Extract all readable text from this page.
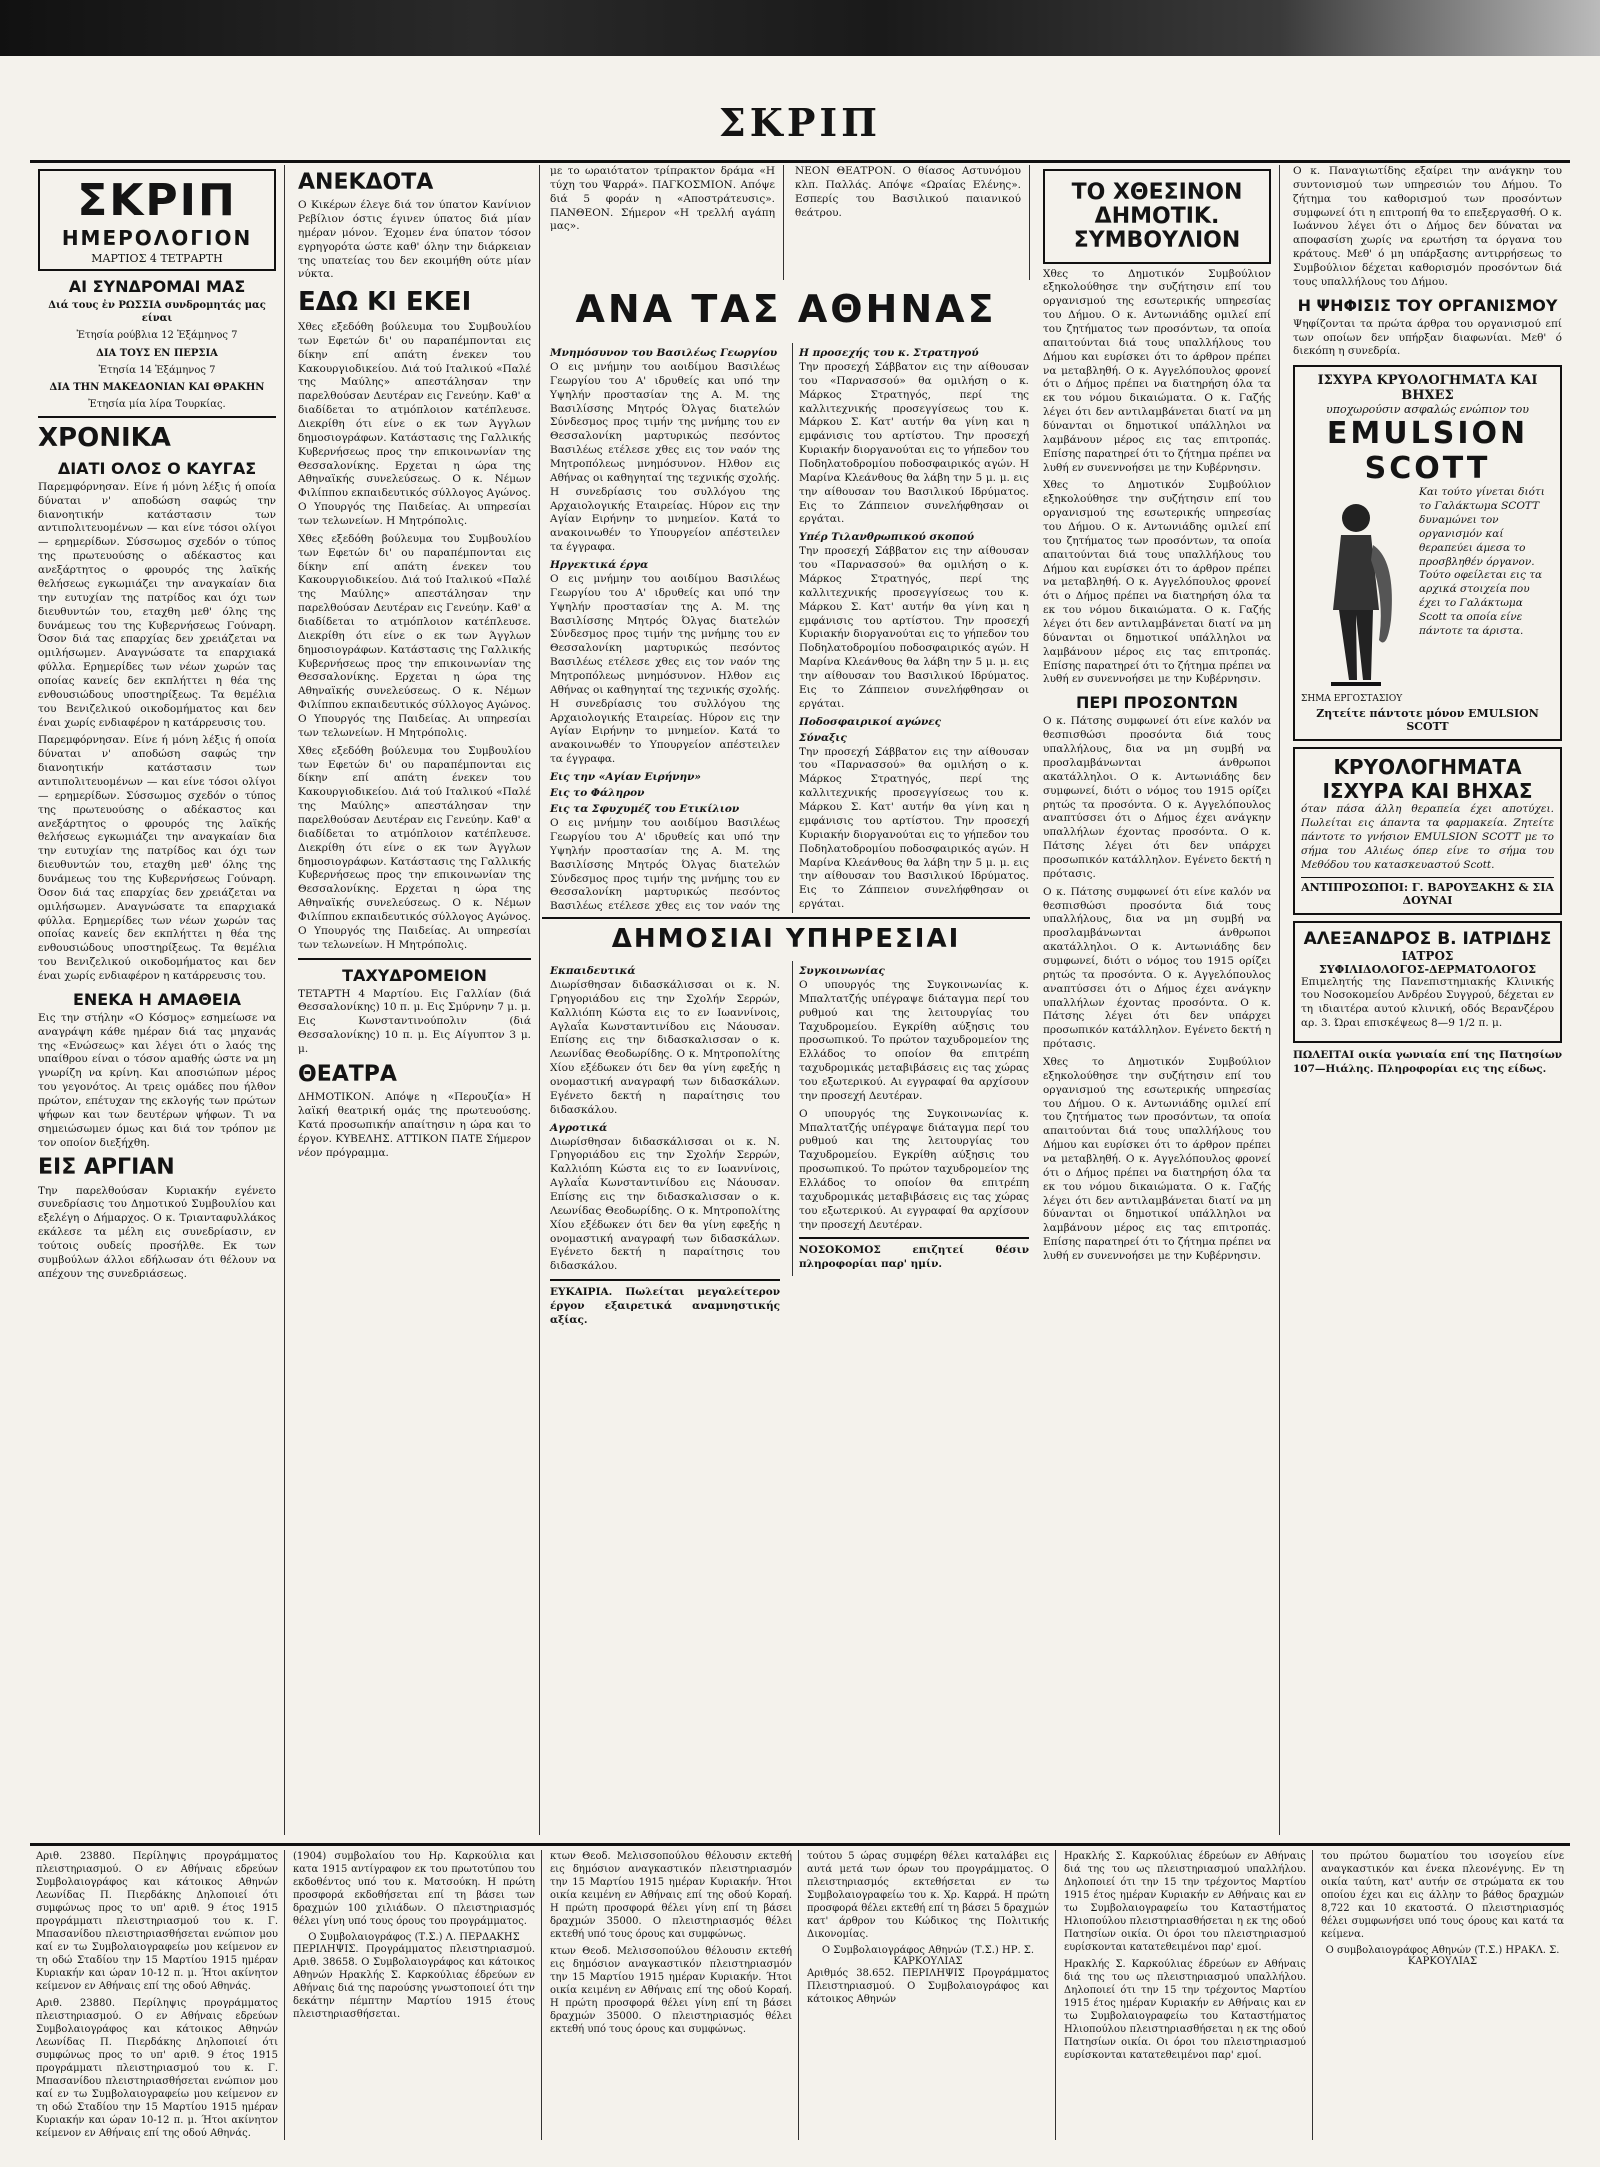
ΣΚΡΙΠ
ΣΚΡΙΠ
ΗΜΕΡΟΛΟΓΙΟΝ
ΜΑΡΤΙΟΣ 4 ΤΕΤΡΑΡΤΗ
ΑΙ ΣΥΝΔΡΟΜΑΙ ΜΑΣ

Διά τους ἐν ΡΩΣΣΙΑ συνδρομητάς μας είναι

Ἐτησία ρούβλια 12 Ἑξάμηνος 7

ΔΙΑ ΤΟΥΣ ΕΝ ΠΕΡΣΙΑ

Ἐτησία 14 Ἑξάμηνος 7

ΔΙΑ ΤΗΝ ΜΑΚΕΔΟΝΙΑΝ ΚΑΙ ΘΡΑΚΗΝ

Ἐτησία μία λίρα Τουρκίας.

ΧΡΟΝΙΚΑ
ΔΙΑΤΙ ΟΛΟΣ Ο ΚΑΥΓΑΣ

Παρεμφόρνησαν. Είνε ή μόνη λέξις ή οποία δύναται ν' αποδώση σαφώς την διανοητικήν κατάστασιν των αντιπολιτευομένων — και είνε τόσοι ολίγοι — ερημερίδων. Σύσσωμος σχεδόν ο τύπος της πρωτευούσης ο αδέκαστος και ανεξάρτητος ο φρουρός της λαϊκής θελήσεως εγκωμιάζει την αναγκαίαν δια την ευτυχίαν της πατρίδος και όχι των διευθυντών του, εταχθη μεθ' όλης της δυνάμεως του της Κυβερνήσεως Γούναρη. Όσον διά τας επαρχίας δεν χρειάζεται να ομιλήσωμεν. Αναγνώσατε τα επαρχιακά φύλλα. Ερημερίδες των νέων χωρών τας οποίας κανείς δεν εκπλήττει η θέα της ενθουσιώδους υποστηρίξεως. Τα θεμέλια του Βενιζελικού οικοδομήματος και δεν έναι χωρίς ενδιαφέρον η κατάρρευσις του.

Παρεμφόρνησαν. Είνε ή μόνη λέξις ή οποία δύναται ν' αποδώση σαφώς την διανοητικήν κατάστασιν των αντιπολιτευομένων — και είνε τόσοι ολίγοι — ερημερίδων. Σύσσωμος σχεδόν ο τύπος της πρωτευούσης ο αδέκαστος και ανεξάρτητος ο φρουρός της λαϊκής θελήσεως εγκωμιάζει την αναγκαίαν δια την ευτυχίαν της πατρίδος και όχι των διευθυντών του, εταχθη μεθ' όλης της δυνάμεως του της Κυβερνήσεως Γούναρη. Όσον διά τας επαρχίας δεν χρειάζεται να ομιλήσωμεν. Αναγνώσατε τα επαρχιακά φύλλα. Ερημερίδες των νέων χωρών τας οποίας κανείς δεν εκπλήττει η θέα της ενθουσιώδους υποστηρίξεως. Τα θεμέλια του Βενιζελικού οικοδομήματος και δεν έναι χωρίς ενδιαφέρον η κατάρρευσις του.

ΕΝΕΚΑ Η ΑΜΑΘΕΙΑ

Εις την στήλην «Ο Κόσμος» εσημείωσε να αναγράψη κάθε ημέραν διά τας μηχανάς της «Ενώσεως» και λέγει ότι ο λαός της υπαίθρου είναι ο τόσον αμαθής ώστε να μη γνωρίζη να κρίνη. Και αποσιώπων μέρος του γεγονότος. Αι τρεις ομάδες που ήλθον πρώτον, επέτυχαν της εκλογής των πρώτων ψήφων και των δευτέρων ψήφων. Τι να σημειώσωμεν όμως και διά τον τρόπον με τον οποίον διεξήχθη.

ΕΙΣ ΑΡΓΙΑΝ

Την παρελθούσαν Κυριακήν εγένετο συνεδρίασις του Δημοτικού Συμβουλίου και εξελέγη ο Δήμαρχος. Ο κ. Τριανταφυλλάκος εκάλεσε τα μέλη εις συνεδρίασιν, εν τούτοις ουδείς προσήλθε. Εκ των συμβούλων άλλοι εδήλωσαν ότι θέλουν να απέχουν της συνεδριάσεως.

ΑΝΕΚΔΟΤΑ

Ο Κικέρων έλεγε διά τον ύπατον Κανίνιον Ρεβίλιον όστις έγινεν ύπατος διά μίαν ημέραν μόνον. Έχομεν ένα ύπατον τόσον εγρηγορότα ώστε καθ' όλην την διάρκειαν της υπατείας του δεν εκοιμήθη ούτε μίαν νύκτα.

ΕΔΩ ΚΙ ΕΚΕΙ

Χθες εξεδόθη βούλευμα του Συμβουλίου των Εφετών δι' ου παραπέμπονται εις δίκην επί απάτη ένεκεν του Κακουργιοδικείου. Διά τού Ιταλικού «Παλέ της Μαύλης» απεστάλησαν την παρελθούσαν Δευτέραν εις Γενεύην. Καθ' α διαδίδεται το ατμόπλοιον κατέπλευσε. Διεκρίθη ότι είνε ο εκ των Άγγλων δημοσιογράφων. Κατάστασις της Γαλλικής Κυβερνήσεως προς την επικοινωνίαν της Θεσσαλονίκης. Ερχεται η ώρα της Αθηναϊκής συνελεύσεως. Ο κ. Νέμων Φιλίππου εκπαιδευτικός σύλλογος Αγώνος. Ο Υπουργός της Παιδείας. Αι υπηρεσίαι των τελωνείων. Η Μητρόπολις.

Χθες εξεδόθη βούλευμα του Συμβουλίου των Εφετών δι' ου παραπέμπονται εις δίκην επί απάτη ένεκεν του Κακουργιοδικείου. Διά τού Ιταλικού «Παλέ της Μαύλης» απεστάλησαν την παρελθούσαν Δευτέραν εις Γενεύην. Καθ' α διαδίδεται το ατμόπλοιον κατέπλευσε. Διεκρίθη ότι είνε ο εκ των Άγγλων δημοσιογράφων. Κατάστασις της Γαλλικής Κυβερνήσεως προς την επικοινωνίαν της Θεσσαλονίκης. Ερχεται η ώρα της Αθηναϊκής συνελεύσεως. Ο κ. Νέμων Φιλίππου εκπαιδευτικός σύλλογος Αγώνος. Ο Υπουργός της Παιδείας. Αι υπηρεσίαι των τελωνείων. Η Μητρόπολις.

Χθες εξεδόθη βούλευμα του Συμβουλίου των Εφετών δι' ου παραπέμπονται εις δίκην επί απάτη ένεκεν του Κακουργιοδικείου. Διά τού Ιταλικού «Παλέ της Μαύλης» απεστάλησαν την παρελθούσαν Δευτέραν εις Γενεύην. Καθ' α διαδίδεται το ατμόπλοιον κατέπλευσε. Διεκρίθη ότι είνε ο εκ των Άγγλων δημοσιογράφων. Κατάστασις της Γαλλικής Κυβερνήσεως προς την επικοινωνίαν της Θεσσαλονίκης. Ερχεται η ώρα της Αθηναϊκής συνελεύσεως. Ο κ. Νέμων Φιλίππου εκπαιδευτικός σύλλογος Αγώνος. Ο Υπουργός της Παιδείας. Αι υπηρεσίαι των τελωνείων. Η Μητρόπολις.

ΤΑΧΥΔΡΟΜΕΙΟΝ

ΤΕΤΑΡΤΗ 4 Μαρτίου. Εις Γαλλίαν (διά Θεσσαλονίκης) 10 π. μ. Εις Σμύρνην 7 μ. μ. Εις Κωνσταντινούπολιν (διά Θεσσαλονίκης) 10 π. μ. Εις Αίγυπτον 3 μ. μ.

ΘΕΑΤΡΑ

ΔΗΜΟΤΙΚΟΝ. Απόψε η «Περουζία» Η λαϊκή θεατρική ομάς της πρωτευούσης. Κατά προσωπικήν απαίτησιν η ώρα και το έργον. ΚΥΒΕΛΗΣ. ΑΤΤΙΚΟΝ ΠΑΤΕ Σήμερον νέον πρόγραμμα.

με το ωραιότατον τρίπρακτον δράμα «Η τύχη του Ψαρρά». ΠΑΓΚΟΣΜΙΟΝ. Απόψε διά 5 φοράν η «Αποστράτευσις». ΠΑΝΘΕΟΝ. Σήμερον «Η τρελλή αγάπη μας».

ΝΕΟΝ ΘΕΑΤΡΟΝ. Ο θίασος Αστυνόμου κλπ. Παλλάς. Απόψε «Ωραίας Ελένης». Εσπερίς του Βασιλικού παιανικού θεάτρου.

ΑΝΑ ΤΑΣ ΑΘΗΝΑΣ
Μνημόσυνον του Βασιλέως Γεωργίου

Ο εις μνήμην του αοιδίμου Βασιλέως Γεωργίου του Α' ιδρυθείς και υπό την Υψηλήν προστασίαν της Α. Μ. της Βασιλίσσης Μητρός Όλγας διατελών Σύνδεσμος προς τιμήν της μνήμης του εν Θεσσαλονίκη μαρτυρικώς πεσόντος Βασιλέως ετέλεσε χθες εις τον ναόν της Μητροπόλεως μνημόσυνον. Ηλθον εις Αθήνας οι καθηγηταί της τεχνικής σχολής. Η συνεδρίασις του συλλόγου της Αρχαιολογικής Εταιρείας. Ηύρον εις την Αγίαν Ειρήνην το μνημείον. Κατά το ανακοινωθέν το Υπουργείον απέστειλεν τα έγγραφα.

Ηργεκτικά έργα

Ο εις μνήμην του αοιδίμου Βασιλέως Γεωργίου του Α' ιδρυθείς και υπό την Υψηλήν προστασίαν της Α. Μ. της Βασιλίσσης Μητρός Όλγας διατελών Σύνδεσμος προς τιμήν της μνήμης του εν Θεσσαλονίκη μαρτυρικώς πεσόντος Βασιλέως ετέλεσε χθες εις τον ναόν της Μητροπόλεως μνημόσυνον. Ηλθον εις Αθήνας οι καθηγηταί της τεχνικής σχολής. Η συνεδρίασις του συλλόγου της Αρχαιολογικής Εταιρείας. Ηύρον εις την Αγίαν Ειρήνην το μνημείον. Κατά το ανακοινωθέν το Υπουργείον απέστειλεν τα έγγραφα.

Εις την «Αγίαν Ειρήνην»
Εις το Φάληρον
Εις τα Σφυχυμέζ του Ετικίλιον

Ο εις μνήμην του αοιδίμου Βασιλέως Γεωργίου του Α' ιδρυθείς και υπό την Υψηλήν προστασίαν της Α. Μ. της Βασιλίσσης Μητρός Όλγας διατελών Σύνδεσμος προς τιμήν της μνήμης του εν Θεσσαλονίκη μαρτυρικώς πεσόντος Βασιλέως ετέλεσε χθες εις τον ναόν της

Η προσεχής του κ. Στρατηγού

Την προσεχή Σάββατον εις την αίθουσαν του «Παρνασσού» θα ομιλήση ο κ. Μάρκος Στρατηγός, περί της καλλιτεχνικής προσεγγίσεως του κ. Μάρκου Σ. Κατ' αυτήν θα γίνη και η εμφάνισις του αρτίστου. Την προσεχή Κυριακήν διοργανούται εις το γήπεδον του Ποδηλατοδρομίου ποδοσφαιρικός αγών. Η Μαρίνα Κλεάνθους θα λάβη την 5 μ. μ. εις την αίθουσαν του Βασιλικού Ιδρύματος. Εις το Ζάππειον συνελήφθησαν οι εργάται.

Υπέρ Τιλανθρωπικού σκοπού

Την προσεχή Σάββατον εις την αίθουσαν του «Παρνασσού» θα ομιλήση ο κ. Μάρκος Στρατηγός, περί της καλλιτεχνικής προσεγγίσεως του κ. Μάρκου Σ. Κατ' αυτήν θα γίνη και η εμφάνισις του αρτίστου. Την προσεχή Κυριακήν διοργανούται εις το γήπεδον του Ποδηλατοδρομίου ποδοσφαιρικός αγών. Η Μαρίνα Κλεάνθους θα λάβη την 5 μ. μ. εις την αίθουσαν του Βασιλικού Ιδρύματος. Εις το Ζάππειον συνελήφθησαν οι εργάται.

Ποδοσφαιρικοί αγώνες
Σύναξις

Την προσεχή Σάββατον εις την αίθουσαν του «Παρνασσού» θα ομιλήση ο κ. Μάρκος Στρατηγός, περί της καλλιτεχνικής προσεγγίσεως του κ. Μάρκου Σ. Κατ' αυτήν θα γίνη και η εμφάνισις του αρτίστου. Την προσεχή Κυριακήν διοργανούται εις το γήπεδον του Ποδηλατοδρομίου ποδοσφαιρικός αγών. Η Μαρίνα Κλεάνθους θα λάβη την 5 μ. μ. εις την αίθουσαν του Βασιλικού Ιδρύματος. Εις το Ζάππειον συνελήφθησαν οι εργάται.

ΔΗΜΟΣΙΑΙ ΥΠΗΡΕΣΙΑΙ
Εκπαιδευτικά

Διωρίσθησαν διδασκάλισσαι οι κ. Ν. Γρηγοριάδου εις την Σχολήν Σερρών, Καλλιόπη Κώστα εις το εν Ιωαννίνοις, Αγλαΐα Κωνσταντινίδου εις Νάουσαν. Επίσης εις την διδασκαλισσαν ο κ. Λεωνίδας Θεοδωρίδης. Ο κ. Μητροπολίτης Χίου εξέδωκεν ότι δεν θα γίνη εφεξής η ονομαστική αναγραφή των διδασκάλων. Εγένετο δεκτή η παραίτησις του διδασκάλου.

Αγροτικά

Διωρίσθησαν διδασκάλισσαι οι κ. Ν. Γρηγοριάδου εις την Σχολήν Σερρών, Καλλιόπη Κώστα εις το εν Ιωαννίνοις, Αγλαΐα Κωνσταντινίδου εις Νάουσαν. Επίσης εις την διδασκαλισσαν ο κ. Λεωνίδας Θεοδωρίδης. Ο κ. Μητροπολίτης Χίου εξέδωκεν ότι δεν θα γίνη εφεξής η ονομαστική αναγραφή των διδασκάλων. Εγένετο δεκτή η παραίτησις του διδασκάλου.

ΕΥΚΑΙΡΙΑ. Πωλείται μεγαλείτερον έργον εξαιρετικά αναμνηστικής αξίας.

Συγκοινωνίας

Ο υπουργός της Συγκοινωνίας κ. Μπαλτατζής υπέγραψε διάταγμα περί του ρυθμού και της λειτουργίας του Ταχυδρομείου. Εγκρίθη αύξησις του προσωπικού. Το πρώτον ταχυδρομείον της Ελλάδος το οποίον θα επιτρέπη ταχυδρομικάς μεταβιβάσεις εις τας χώρας του εξωτερικού. Αι εγγραφαί θα αρχίσουν την προσεχή Δευτέραν.

Ο υπουργός της Συγκοινωνίας κ. Μπαλτατζής υπέγραψε διάταγμα περί του ρυθμού και της λειτουργίας του Ταχυδρομείου. Εγκρίθη αύξησις του προσωπικού. Το πρώτον ταχυδρομείον της Ελλάδος το οποίον θα επιτρέπη ταχυδρομικάς μεταβιβάσεις εις τας χώρας του εξωτερικού. Αι εγγραφαί θα αρχίσουν την προσεχή Δευτέραν.

ΝΟΣΟΚΟΜΟΣ επιζητεί θέσιν πληροφορίαι παρ' ημίν.

ΤΟ ΧΘΕΣΙΝΟΝ ΔΗΜΟΤΙΚ. ΣΥΜΒΟΥΛΙΟΝ

Χθες το Δημοτικόν Συμβούλιον εξηκολούθησε την συζήτησιν επί του οργανισμού της εσωτερικής υπηρεσίας του Δήμου. Ο κ. Αντωνιάδης ομιλεί επί του ζητήματος των προσόντων, τα οποία απαιτούνται διά τους υπαλλήλους του Δήμου και ευρίσκει ότι το άρθρον πρέπει να μεταβληθή. Ο κ. Αγγελόπουλος φρονεί ότι ο Δήμος πρέπει να διατηρήση όλα τα εκ του νόμου δικαιώματα. Ο κ. Γαζής λέγει ότι δεν αντιλαμβάνεται διατί να μη δύνανται οι δημοτικοί υπάλληλοι να λαμβάνουν μέρος εις τας επιτροπάς. Επίσης παρατηρεί ότι το ζήτημα πρέπει να λυθή εν συνεννοήσει με την Κυβέρνησιν.

Χθες το Δημοτικόν Συμβούλιον εξηκολούθησε την συζήτησιν επί του οργανισμού της εσωτερικής υπηρεσίας του Δήμου. Ο κ. Αντωνιάδης ομιλεί επί του ζητήματος των προσόντων, τα οποία απαιτούνται διά τους υπαλλήλους του Δήμου και ευρίσκει ότι το άρθρον πρέπει να μεταβληθή. Ο κ. Αγγελόπουλος φρονεί ότι ο Δήμος πρέπει να διατηρήση όλα τα εκ του νόμου δικαιώματα. Ο κ. Γαζής λέγει ότι δεν αντιλαμβάνεται διατί να μη δύνανται οι δημοτικοί υπάλληλοι να λαμβάνουν μέρος εις τας επιτροπάς. Επίσης παρατηρεί ότι το ζήτημα πρέπει να λυθή εν συνεννοήσει με την Κυβέρνησιν.

ΠΕΡΙ ΠΡΟΣΟΝΤΩΝ

Ο κ. Πάτσης συμφωνεί ότι είνε καλόν να θεσπισθώσι προσόντα διά τους υπαλλήλους, δια να μη συμβή να προσλαμβάνωνται άνθρωποι ακατάλληλοι. Ο κ. Αντωνιάδης δεν συμφωνεί, διότι ο νόμος του 1915 ορίζει ρητώς τα προσόντα. Ο κ. Αγγελόπουλος αναπτύσσει ότι ο Δήμος έχει ανάγκην υπαλλήλων έχοντας προσόντα. Ο κ. Πάτσης λέγει ότι δεν υπάρχει προσωπικόν κατάλληλον. Εγένετο δεκτή η πρότασις.

Ο κ. Πάτσης συμφωνεί ότι είνε καλόν να θεσπισθώσι προσόντα διά τους υπαλλήλους, δια να μη συμβή να προσλαμβάνωνται άνθρωποι ακατάλληλοι. Ο κ. Αντωνιάδης δεν συμφωνεί, διότι ο νόμος του 1915 ορίζει ρητώς τα προσόντα. Ο κ. Αγγελόπουλος αναπτύσσει ότι ο Δήμος έχει ανάγκην υπαλλήλων έχοντας προσόντα. Ο κ. Πάτσης λέγει ότι δεν υπάρχει προσωπικόν κατάλληλον. Εγένετο δεκτή η πρότασις.

Χθες το Δημοτικόν Συμβούλιον εξηκολούθησε την συζήτησιν επί του οργανισμού της εσωτερικής υπηρεσίας του Δήμου. Ο κ. Αντωνιάδης ομιλεί επί του ζητήματος των προσόντων, τα οποία απαιτούνται διά τους υπαλλήλους του Δήμου και ευρίσκει ότι το άρθρον πρέπει να μεταβληθή. Ο κ. Αγγελόπουλος φρονεί ότι ο Δήμος πρέπει να διατηρήση όλα τα εκ του νόμου δικαιώματα. Ο κ. Γαζής λέγει ότι δεν αντιλαμβάνεται διατί να μη δύνανται οι δημοτικοί υπάλληλοι να λαμβάνουν μέρος εις τας επιτροπάς. Επίσης παρατηρεί ότι το ζήτημα πρέπει να λυθή εν συνεννοήσει με την Κυβέρνησιν.

Ο κ. Παναγιωτίδης εξαίρει την ανάγκην του συντονισμού των υπηρεσιών του Δήμου. Το ζήτημα του καθορισμού των προσόντων συμφωνεί ότι η επιτροπή θα το επεξεργασθή. Ο κ. Ιωάννου λέγει ότι ο Δήμος δεν δύναται να αποφασίση χωρίς να ερωτήση τα όργανα του κράτους. Μεθ' ό μη υπάρξασης αντιρρήσεως το Συμβούλιον δέχεται καθορισμόν προσόντων διά τους υπαλλήλους του Δήμου.

Η ΨΗΦΙΣΙΣ ΤΟΥ ΟΡΓΑΝΙΣΜΟΥ

Ψηφίζονται τα πρώτα άρθρα του οργανισμού επί των οποίων δεν υπήρξαν διαφωνίαι. Μεθ' ό διεκόπη η συνεδρία.

ΙΣΧΥΡΑ ΚΡΥΟΛΟΓΗΜΑΤΑ ΚΑΙ ΒΗΧΕΣ
υποχωρούσιν ασφαλώς ενώπιον του
EMULSION SCOTT

Και τούτο γίνεται διότι το Γαλάκτωμα SCOTT δυναμώνει τον οργανισμόν καί θεραπεύει άμεσα το προσβληθέν όργανον. Τούτο οφείλεται εις τα αρχικά στοιχεία που έχει το Γαλάκτωμα Scott τα οποία είνε πάντοτε τα άριστα.

ΣΗΜΑ ΕΡΓΟΣΤΑΣΙΟΥ
Ζητείτε πάντοτε μόνον EMULSION SCOTT
ΚΡΥΟΛΟΓΗΜΑΤΑ ΙΣΧΥΡΑ ΚΑΙ ΒΗΧΑΣ

όταν πάσα άλλη θεραπεία έχει αποτύχει. Πωλείται εις άπαντα τα φαρμακεία. Ζητείτε πάντοτε το γνήσιον EMULSION SCOTT με το σήμα του Αλιέως όπερ είνε το σήμα του Μεθόδου του κατασκευαστού Scott.

ΑΝΤΙΠΡΟΣΩΠΟΙ: Γ. ΒΑΡΟΥΞΑΚΗΣ & ΣΙΑ ΔΟΥΝΑΙ
ΑΛΕΞΑΝΔΡΟΣ Β. ΙΑΤΡΙΔΗΣ
ΙΑΤΡΟΣ
ΣΥΦΙΛΙΔΟΛΟΓΟΣ-ΔΕΡΜΑΤΟΛΟΓΟΣ

Επιμελητής της Πανεπιστημιακής Κλινικής του Νοσοκομείου Ανδρέου Συγγρού, δέχεται εν τη ιδιαιτέρα αυτού κλινική, οδός Βερανζέρου αρ. 3. Ώραι επισκέψεως 8—9 1/2 π. μ.

ΠΩΛΕΙΤΑΙ οικία γωνιαία επί της Πατησίων 107—Ηιάλης. Πληροφορίαι εις της είδως.

Αριθ. 23880. Περίληψις προγράμματος πλειστηριασμού. Ο εν Αθήναις εδρεύων Συμβολαιογράφος και κάτοικος Αθηνών Λεωνίδας Π. Πιερδάκης Δηλοποιεί ότι συμφώνως προς το υπ' αριθ. 9 έτος 1915 προγράμματι πλειστηριασμού του κ. Γ. Μπασανίδου πλειστηριασθήσεται ενώπιον μου καί εν τω Συμβολαιογραφείω μου κείμενον εν τη οδώ Σταδίου την 15 Μαρτίου 1915 ημέραν Κυριακήν και ώραν 10-12 π. μ. Ήτοι ακίνητον κείμενον εν Αθήναις επί της οδού Αθηνάς.

Αριθ. 23880. Περίληψις προγράμματος πλειστηριασμού. Ο εν Αθήναις εδρεύων Συμβολαιογράφος και κάτοικος Αθηνών Λεωνίδας Π. Πιερδάκης Δηλοποιεί ότι συμφώνως προς το υπ' αριθ. 9 έτος 1915 προγράμματι πλειστηριασμού του κ. Γ. Μπασανίδου πλειστηριασθήσεται ενώπιον μου καί εν τω Συμβολαιογραφείω μου κείμενον εν τη οδώ Σταδίου την 15 Μαρτίου 1915 ημέραν Κυριακήν και ώραν 10-12 π. μ. Ήτοι ακίνητον κείμενον εν Αθήναις επί της οδού Αθηνάς.

(1904) συμβολαίου του Ηρ. Καρκούλια και κατα 1915 αντίγραφον εκ του πρωτοτύπου του εκδοθέντος υπό του κ. Ματσούκη. Η πρώτη προσφορά εκδοθήσεται επί τη βάσει των δραχμών 100 χιλιάδων. Ο πλειστηριασμός θέλει γίνη υπό τους όρους του προγράμματος.

Ο Συμβολαιογράφος (Τ.Σ.) Λ. ΠΕΡΔΑΚΗΣ

ΠΕΡΙΛΗΨΙΣ. Προγράμματος πλειστηριασμού. Αριθ. 38658. Ο Συμβολαιογράφος και κάτοικος Αθηνών Ηρακλής Σ. Καρκούλιας έδρεύων εν Αθήναις διά της παρούσης γνωστοποιεί ότι την δεκάτην πέμπτην Μαρτίου 1915 έτους πλειστηριασθήσεται.

κτων Θεοδ. Μελισσοπούλου θέλουσιν εκτεθή εις δημόσιον αναγκαστικόν πλειστηριασμόν την 15 Μαρτίου 1915 ημέραν Κυριακήν. Ήτοι οικία κειμένη εν Αθήναις επί της οδού Κοραή. Η πρώτη προσφορά θέλει γίνη επί τη βάσει δραχμών 35000. Ο πλειστηριασμός θέλει εκτεθή υπό τους όρους και συμφώνως.

κτων Θεοδ. Μελισσοπούλου θέλουσιν εκτεθή εις δημόσιον αναγκαστικόν πλειστηριασμόν την 15 Μαρτίου 1915 ημέραν Κυριακήν. Ήτοι οικία κειμένη εν Αθήναις επί της οδού Κοραή. Η πρώτη προσφορά θέλει γίνη επί τη βάσει δραχμών 35000. Ο πλειστηριασμός θέλει εκτεθή υπό τους όρους και συμφώνως.

τούτου 5 ώρας συμφέρη θέλει καταλάβει εις αυτά μετά των όρων του προγράμματος. Ο πλειστηριασμός εκτεθήσεται εν τω Συμβολαιογραφείω του κ. Χρ. Καρρά. Η πρώτη προσφορά θέλει εκτεθή επί τη βάσει 5 δραχμών κατ' άρθρον του Κώδικος της Πολιτικής Δικονομίας.

Ο Συμβολαιογράφος Αθηνών (Τ.Σ.) ΗΡ. Σ. ΚΑΡΚΟΥΛΙΑΣ

Αριθμός 38.652. ΠΕΡΙΛΗΨΙΣ Προγράμματος Πλειστηριασμού. Ο Συμβολαιογράφος και κάτοικος Αθηνών

Ηρακλής Σ. Καρκούλιας έδρεύων εν Αθήναις διά της του ως πλειστηριασμού υπαλλήλου. Δηλοποιεί ότι την 15 την τρέχοντος Μαρτίου 1915 έτος ημέραν Κυριακήν εν Αθήναις και εν τω Συμβολαιογραφείω του Καταστήματος Ηλιοπούλου πλειστηριασθήσεται η εκ της οδού Πατησίων οικία. Οι όροι του πλειστηριασμού ευρίσκονται κατατεθειμένοι παρ' εμοί.

Ηρακλής Σ. Καρκούλιας έδρεύων εν Αθήναις διά της του ως πλειστηριασμού υπαλλήλου. Δηλοποιεί ότι την 15 την τρέχοντος Μαρτίου 1915 έτος ημέραν Κυριακήν εν Αθήναις και εν τω Συμβολαιογραφείω του Καταστήματος Ηλιοπούλου πλειστηριασθήσεται η εκ της οδού Πατησίων οικία. Οι όροι του πλειστηριασμού ευρίσκονται κατατεθειμένοι παρ' εμοί.

του πρώτου δωματίου του ισογείου είνε αναγκαστικόν και ένεκα πλεονέγνης. Εν τη οικία ταύτη, κατ' αυτήν σε στρώματα εκ του οποίου έχει και εις άλλην το βάθος δραχμών 8,722 και 10 εκατοστά. Ο πλειστηριασμός θέλει συμφωνήσει υπό τους όρους και κατά τα κείμενα.

Ο συμβολαιογράφος Αθηνών (Τ.Σ.) ΗΡΑΚΛ. Σ. ΚΑΡΚΟΥΛΙΑΣ
